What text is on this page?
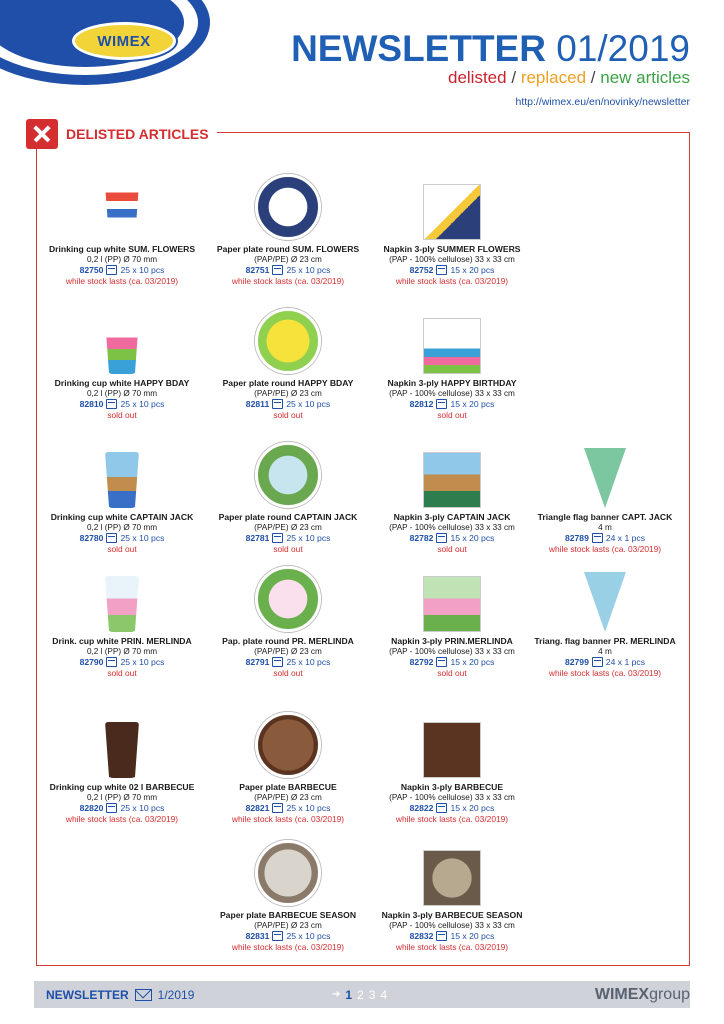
WIMEX	NEWSLETTER 01/2019
delisted / replaced / new articles
http://wimex.eu/en/novinky/newsletter
DELISTED ARTICLES
Drinking cup white SUM. FLOWERS
0,2 l (PP) Ø 70 mm
82750 25 x 10 pcs
while stock lasts (ca. 03/2019)
Paper plate round SUM. FLOWERS
(PAP/PE) Ø 23 cm
82751 25 x 10 pcs
while stock lasts (ca. 03/2019)
Napkin 3-ply SUMMER FLOWERS
(PAP - 100% cellulose) 33 x 33 cm
82752 15 x 20 pcs
while stock lasts (ca. 03/2019)
Drinking cup white HAPPY BDAY
0,2 l (PP) Ø 70 mm
82810 25 x 10 pcs
sold out
Paper plate round HAPPY BDAY
(PAP/PE) Ø 23 cm
82811 25 x 10 pcs
sold out
Napkin 3-ply HAPPY BIRTHDAY
(PAP - 100% cellulose) 33 x 33 cm
82812 15 x 20 pcs
sold out
Drinking cup white CAPTAIN JACK
0,2 l (PP) Ø 70 mm
82780 25 x 10 pcs
sold out
Paper plate round CAPTAIN JACK
(PAP/PE) Ø 23 cm
82781 25 x 10 pcs
sold out
Napkin 3-ply CAPTAIN JACK
(PAP - 100% cellulose) 33 x 33 cm
82782 15 x 20 pcs
sold out
Triangle flag banner CAPT. JACK
4 m
82789 24 x 1 pcs
while stock lasts (ca. 03/2019)
Drink. cup white PRIN. MERLINDA
0,2 l (PP) Ø 70 mm
82790 25 x 10 pcs
sold out
Pap. plate round PR. MERLINDA
(PAP/PE) Ø 23 cm
82791 25 x 10 pcs
sold out
Napkin 3-ply PRIN.MERLINDA
(PAP - 100% cellulose) 33 x 33 cm
82792 15 x 20 pcs
sold out
Triang. flag banner PR. MERLINDA
4 m
82799 24 x 1 pcs
while stock lasts (ca. 03/2019)
Drinking cup white 02 l BARBECUE
0,2 l (PP) Ø 70 mm
82820 25 x 10 pcs
while stock lasts (ca. 03/2019)
Paper plate BARBECUE
(PAP/PE) Ø 23 cm
82821 25 x 10 pcs
while stock lasts (ca. 03/2019)
Napkin 3-ply BARBECUE
(PAP - 100% cellulose) 33 x 33 cm
82822 15 x 20 pcs
while stock lasts (ca. 03/2019)
Paper plate BARBECUE SEASON
(PAP/PE) Ø 23 cm
82831 25 x 10 pcs
while stock lasts (ca. 03/2019)
Napkin 3-ply BARBECUE SEASON
(PAP - 100% cellulose) 33 x 33 cm
82832 15 x 20 pcs
while stock lasts (ca. 03/2019)
NEWSLETTER 1/2019	➔ 1 2 3 4	WIMEXgroup
